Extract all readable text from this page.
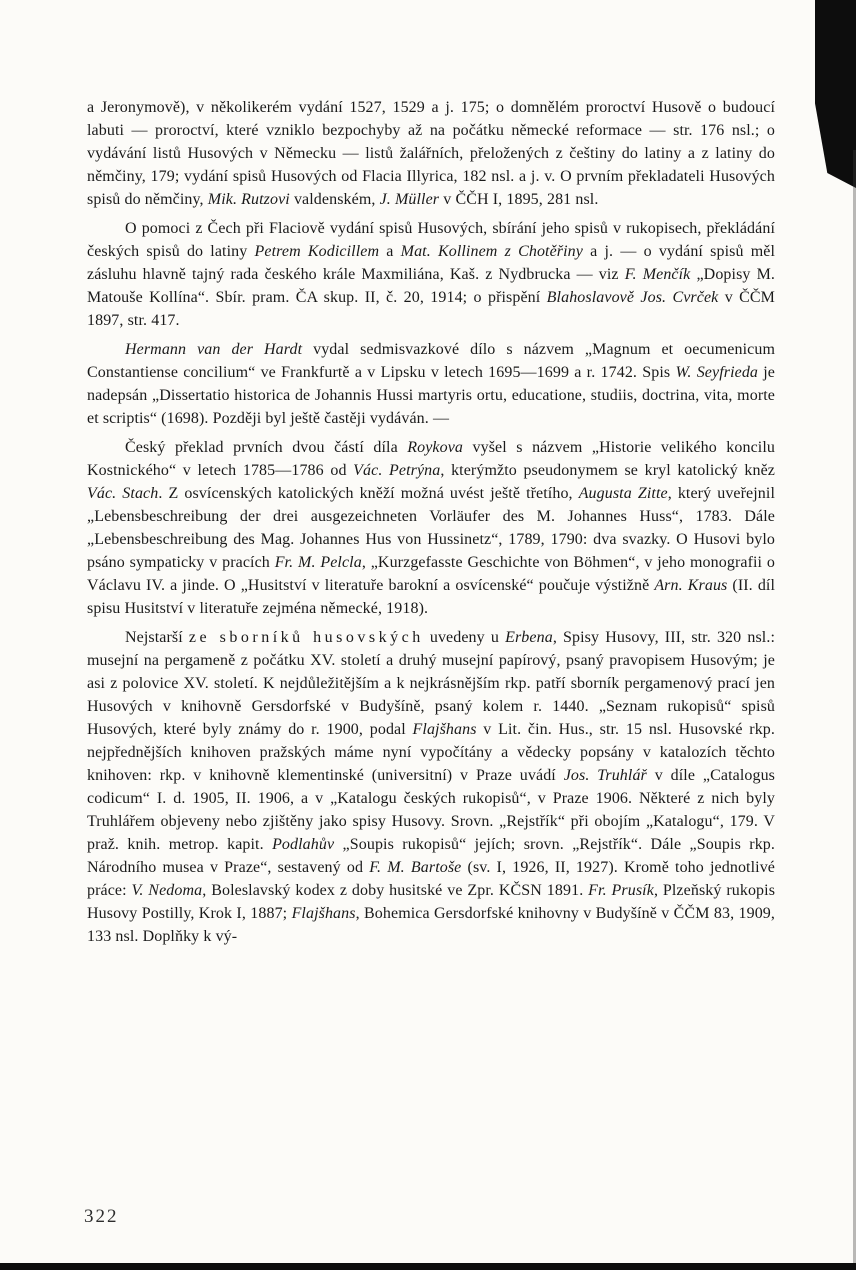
a Jeronymově), v několikerém vydání 1527, 1529 a j. 175; o domnělém proroctví Husově o budoucí labuti — proroctví, které vzniklo bezpochyby až na počátku německé reformace — str. 176 nsl.; o vydávání listů Husových v Německu — listů žalářních, přeložených z češtiny do latiny a z latiny do němčiny, 179; vydání spisů Husových od Flacia Illyrica, 182 nsl. a j. v. O prvním překladateli Husových spisů do němčiny, Mik. Rutzovi valdenském, J. Müller v ČČH I, 1895, 281 nsl.

O pomoci z Čech při Flaciově vydání spisů Husových, sbírání jeho spisů v rukopisech, překládání českých spisů do latiny Petrem Kodicillem a Mat. Kollinem z Chotěřiny a j. — o vydání spisů měl zásluhu hlavně tajný rada českého krále Maxmiliána, Kaš. z Nydbrucka — viz F. Menčík „Dopisy M. Matouše Kollína“. Sbír. pram. ČA skup. II, č. 20, 1914; o přispění Blahoslavově Jos. Cvrček v ČČM 1897, str. 417.

Hermann van der Hardt vydal sedmisvazkové dílo s názvem „Magnum et oecumenicum Constantiense concilium“ ve Frankfurtě a v Lipsku v letech 1695—1699 a r. 1742. Spis W. Seyfrieda je nadepsán „Dissertatio historica de Johannis Hussi martyris ortu, educatione, studiis, doctrina, vita, morte et scriptis“ (1698). Později byl ještě častěji vydáván. —

Český překlad prvních dvou částí díla Roykova vyšel s názvem „Historie velikého koncilu Kostnického“ v letech 1785—1786 od Vác. Petrýna, kterýmžto pseudonymem se kryl katolický kněz Vác. Stach. Z osvícenských katolických kněží možná uvést ještě třetího, Augusta Zitte, který uveřejnil „Lebensbeschreibung der drei ausgezeichneten Vorläufer des M. Johannes Huss“, 1783. Dále „Lebensbeschreibung des Mag. Johannes Hus von Hussinetz“, 1789, 1790: dva svazky. O Husovi bylo psáno sympaticky v pracích Fr. M. Pelcla, „Kurzgefasste Geschichte von Böhmen“, v jeho monografii o Václavu IV. a jinde. O „Husitství v literatuře barokní a osvícenské“ poučuje výstižně Arn. Kraus (II. díl spisu Husitství v literatuře zejména německé, 1918).

Nejstarší ze sborníků husovských uvedeny u Erbena, Spisy Husovy, III, str. 320 nsl.: musejní na pergameně z počátku XV. století a druhý musejní papírový, psaný pravopisem Husovým; je asi z polovice XV. století. K nejdůležitějším a k nejkrásnějším rkp. patří sborník pergamenový prací jen Husových v knihovně Gersdorfské v Budyšíně, psaný kolem r. 1440. „Seznam rukopisů“ spisů Husových, které byly známy do r. 1900, podal Flajšhans v Lit. čin. Hus., str. 15 nsl. Husovské rkp. nejpřednějších knihoven pražských máme nyní vypočítány a vědecky popsány v katalozích těchto knihoven: rkp. v knihovně klementinské (universitní) v Praze uvádí Jos. Truhlář v díle „Catalogus codicum“ I. d. 1905, II. 1906, a v „Katalogu českých rukopisů“, v Praze 1906. Některé z nich byly Truhlářem objeveny nebo zjištěny jako spisy Husovy. Srovn. „Rejstřík“ při obojím „Katalogu“, 179. V praž. knih. metrop. kapit. Podlahův „Soupis rukopisů“ jejích; srovn. „Rejstřík“. Dále „Soupis rkp. Národního musea v Praze“, sestavený od F. M. Bartoše (sv. I, 1926, II, 1927). Kromě toho jednotlivé práce: V. Nedoma, Boleslavský kodex z doby husitské ve Zpr. KČSN 1891. Fr. Prusík, Plzeňský rukopis Husovy Postilly, Krok I, 1887; Flajšhans, Bohemica Gersdorfské knihovny v Budyšíně v ČČM 83, 1909, 133 nsl. Doplňky k vý-

322
